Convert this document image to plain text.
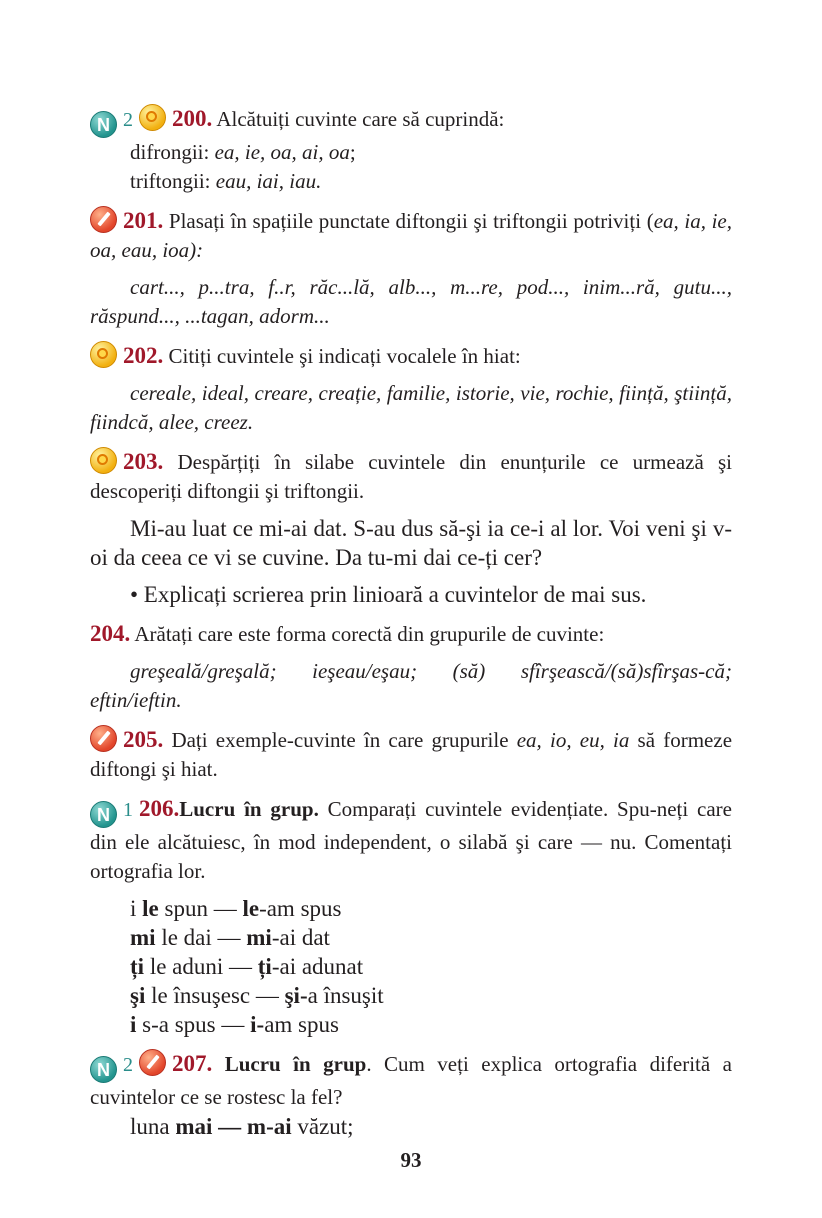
N 2 200. Alcătuiți cuvinte care să cuprindă:
difrongii: ea, ie, oa, ai, oa;
triftongii: eau, iai, iau.
201. Plasați în spațiile punctate diftongii şi triftongii potriviți (ea, ia, ie, oa, eau, ioa):
cart..., p...tra, f..r, răc...lă, alb..., m...re, pod..., inim...ră, gutu..., răspund..., ...tagan, adorm...
202. Citiți cuvintele şi indicați vocalele în hiat:
cereale, ideal, creare, creație, familie, istorie, vie, rochie, ființă, ştiință, fiindcă, alee, creez.
203. Despărțiți în silabe cuvintele din enunțurile ce urmează şi descoperiți diftongii şi triftongii.
Mi-au luat ce mi-ai dat. S-au dus să-şi ia ce-i al lor. Voi veni şi v-oi da ceea ce vi se cuvine. Da tu-mi dai ce-ți cer?
• Explicați scrierea prin linioară a cuvintelor de mai sus.
204. Arătați care este forma corectă din grupurile de cuvinte:
greşeală/greşală; ieşeau/eşau; (să) sfîrşească/(să)sfîrşas-că; eftin/ieftin.
205. Dați exemple-cuvinte în care grupurile ea, io, eu, ia să formeze diftongi şi hiat.
N 1 206.Lucru în grup. Comparați cuvintele evidențiate. Spu-neți care din ele alcătuiesc, în mod independent, o silabă şi care — nu. Comentați ortografia lor.
i le spun — le-am spus
mi le dai — mi-ai dat
ți le aduni — ți-ai adunat
şi le însuşesc — şi-a însuşit
i s-a spus — i-am spus
N 2 207. Lucru în grup. Cum veți explica ortografia diferită a cuvintelor ce se rostesc la fel?
luna mai — m-ai văzut;
93
